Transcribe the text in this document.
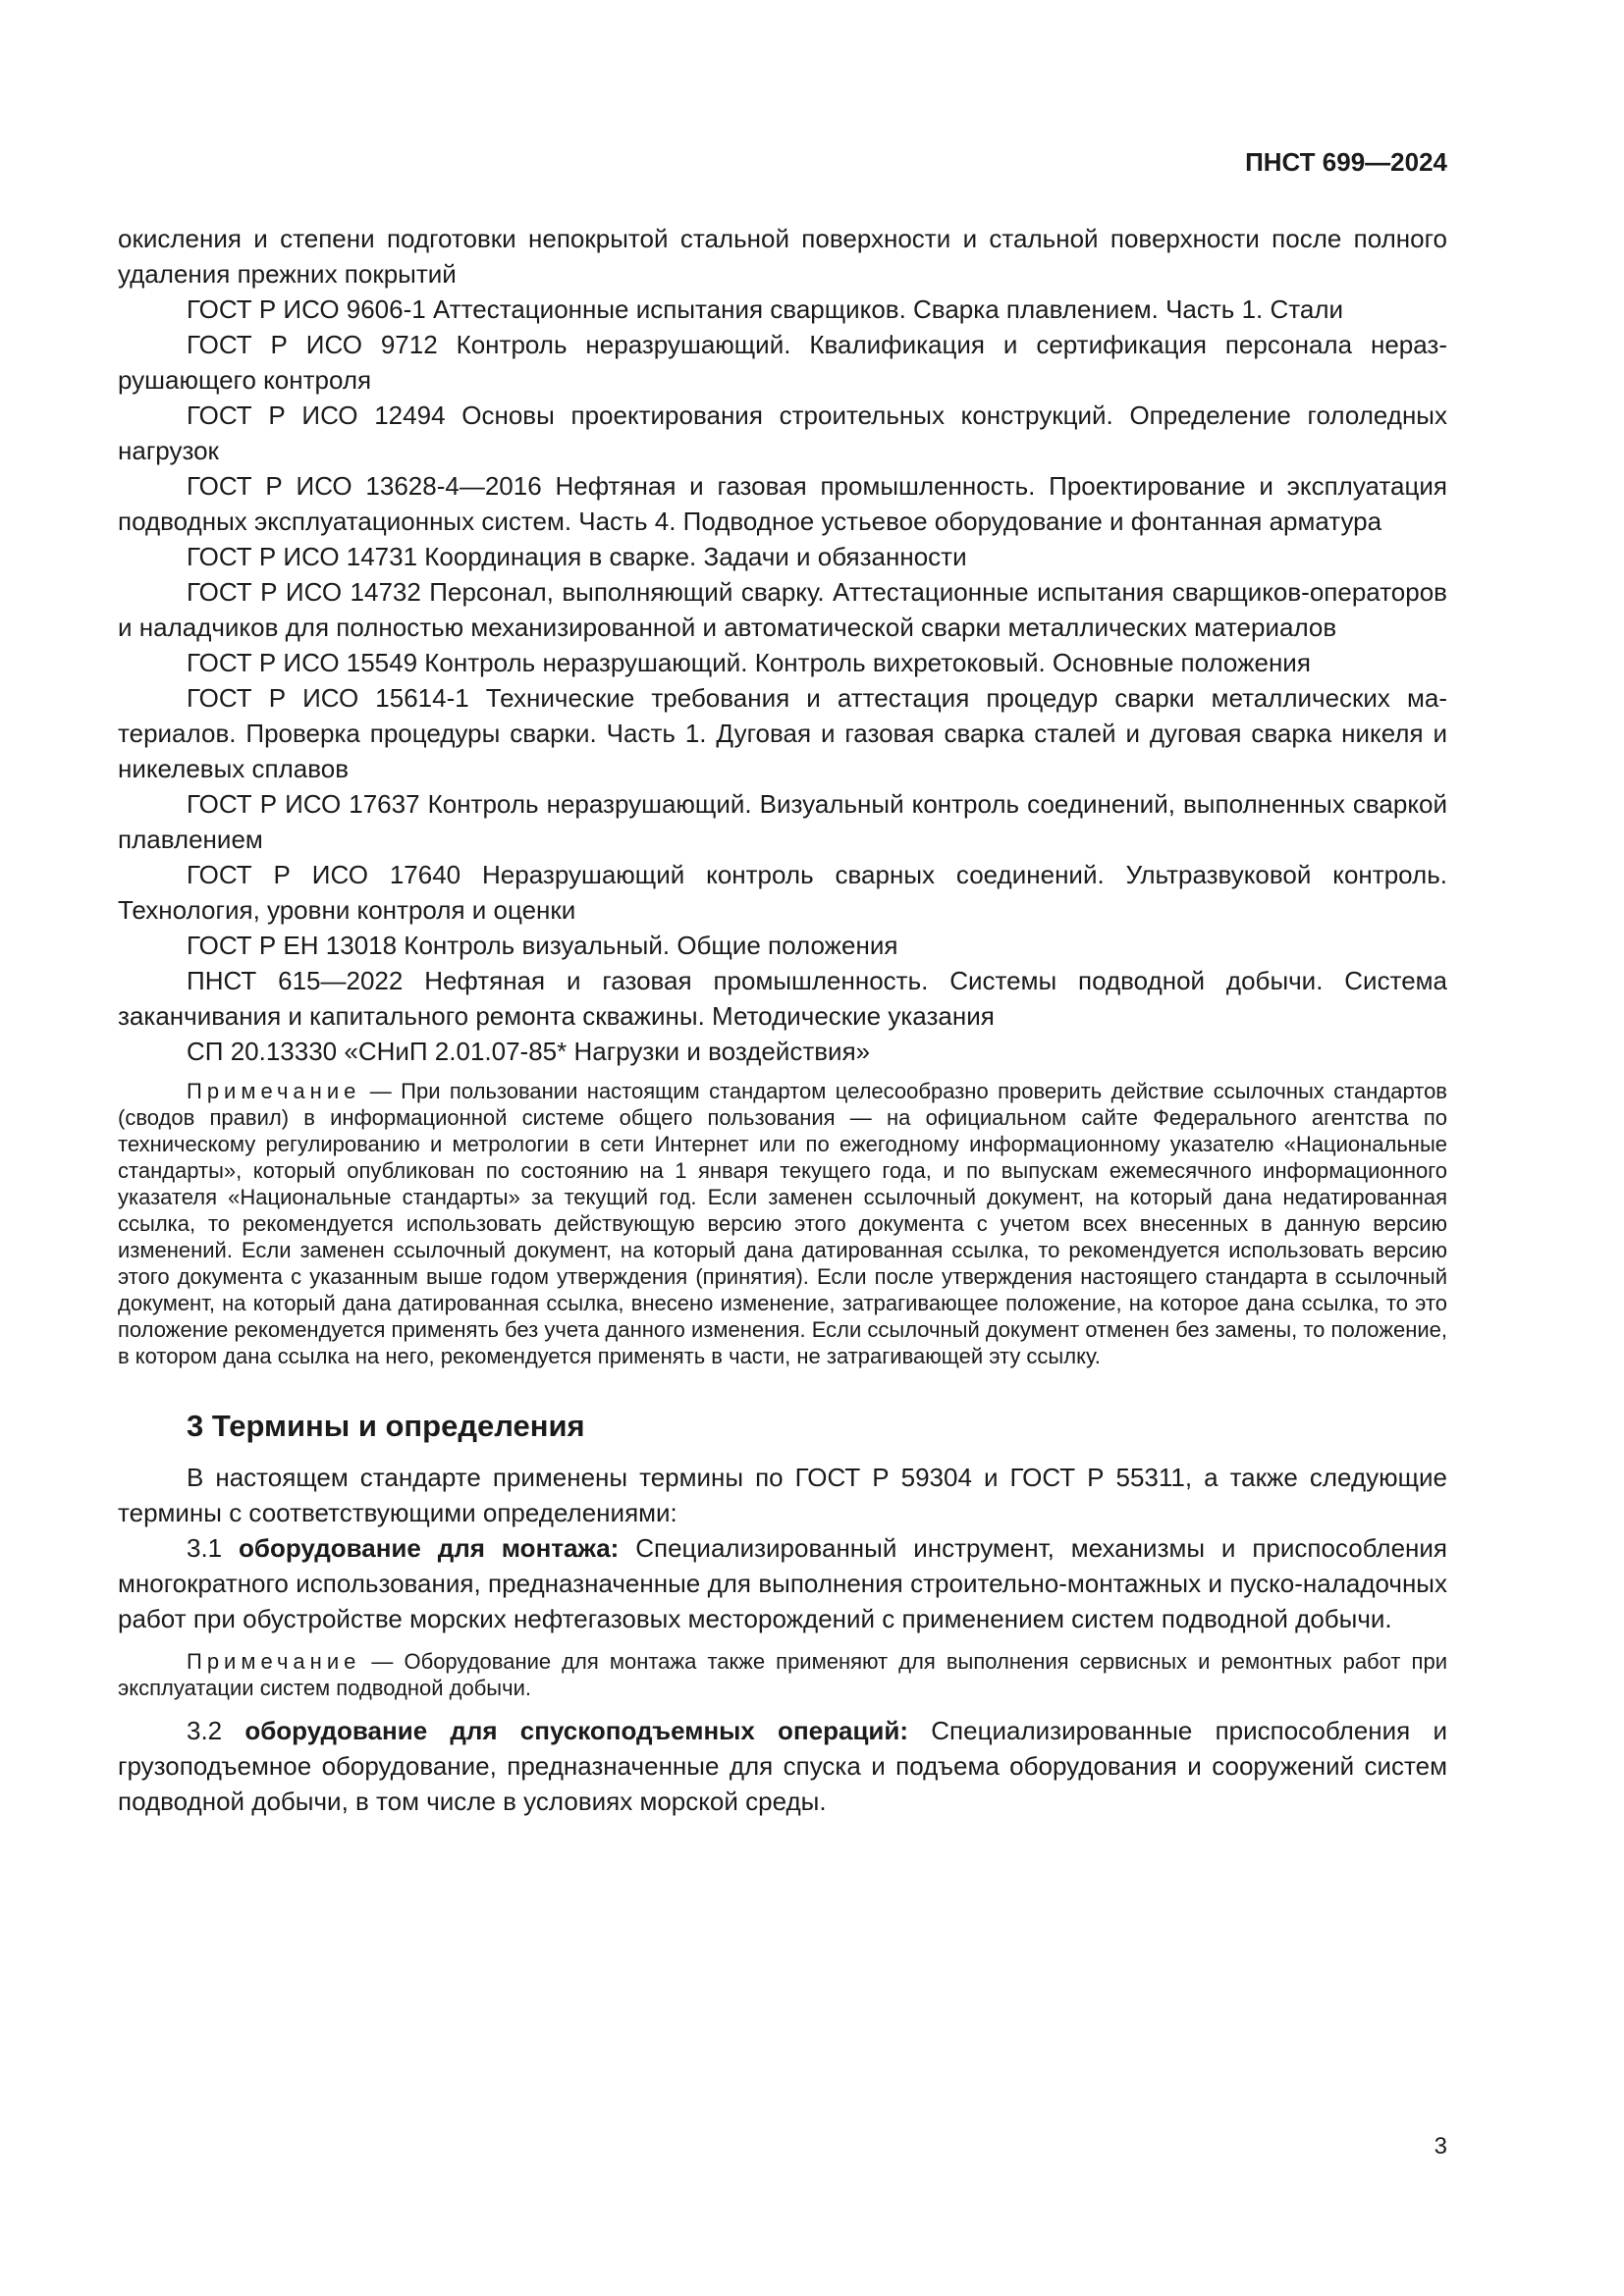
ПНСТ 699—2024

окисления и степени подготовки непокрытой стальной поверхности и стальной поверхности после полного удаления прежних покрытий

ГОСТ Р ИСО 9606-1 Аттестационные испытания сварщиков. Сварка плавлением. Часть 1. Стали

ГОСТ Р ИСО 9712 Контроль неразрушающий. Квалификация и сертификация персонала неразрушающего контроля

ГОСТ Р ИСО 12494 Основы проектирования строительных конструкций. Определение гололедных нагрузок

ГОСТ Р ИСО 13628-4—2016 Нефтяная и газовая промышленность. Проектирование и эксплуатация подводных эксплуатационных систем. Часть 4. Подводное устьевое оборудование и фонтанная арматура

ГОСТ Р ИСО 14731 Координация в сварке. Задачи и обязанности

ГОСТ Р ИСО 14732 Персонал, выполняющий сварку. Аттестационные испытания сварщиков-операторов и наладчиков для полностью механизированной и автоматической сварки металлических материалов

ГОСТ Р ИСО 15549 Контроль неразрушающий. Контроль вихретоковый. Основные положения

ГОСТ Р ИСО 15614-1 Технические требования и аттестация процедур сварки металлических материалов. Проверка процедуры сварки. Часть 1. Дуговая и газовая сварка сталей и дуговая сварка никеля и никелевых сплавов

ГОСТ Р ИСО 17637 Контроль неразрушающий. Визуальный контроль соединений, выполненных сваркой плавлением

ГОСТ Р ИСО 17640 Неразрушающий контроль сварных соединений. Ультразвуковой контроль. Технология, уровни контроля и оценки

ГОСТ Р ЕН 13018 Контроль визуальный. Общие положения

ПНСТ 615—2022 Нефтяная и газовая промышленность. Системы подводной добычи. Система заканчивания и капитального ремонта скважины. Методические указания

СП 20.13330 «СНиП 2.01.07-85* Нагрузки и воздействия»

Примечание — При пользовании настоящим стандартом целесообразно проверить действие ссылочных стандартов (сводов правил) в информационной системе общего пользования — на официальном сайте Федерального агентства по техническому регулированию и метрологии в сети Интернет или по ежегодному информационному указателю «Национальные стандарты», который опубликован по состоянию на 1 января текущего года, и по выпускам ежемесячного информационного указателя «Национальные стандарты» за текущий год. Если заменен ссылочный документ, на который дана недатированная ссылка, то рекомендуется использовать действующую версию этого документа с учетом всех внесенных в данную версию изменений. Если заменен ссылочный документ, на который дана датированная ссылка, то рекомендуется использовать версию этого документа с указанным выше годом утверждения (принятия). Если после утверждения настоящего стандарта в ссылочный документ, на который дана датированная ссылка, внесено изменение, затрагивающее положение, на которое дана ссылка, то это положение рекомендуется применять без учета данного изменения. Если ссылочный документ отменен без замены, то положение, в котором дана ссылка на него, рекомендуется применять в части, не затрагивающей эту ссылку.

3 Термины и определения

В настоящем стандарте применены термины по ГОСТ Р 59304 и ГОСТ Р 55311, а также следующие термины с соответствующими определениями:

3.1 оборудование для монтажа: Специализированный инструмент, механизмы и приспособления многократного использования, предназначенные для выполнения строительно-монтажных и пуско-наладочных работ при обустройстве морских нефтегазовых месторождений с применением систем подводной добычи.

Примечание — Оборудование для монтажа также применяют для выполнения сервисных и ремонтных работ при эксплуатации систем подводной добычи.

3.2 оборудование для спускоподъемных операций: Специализированные приспособления и грузоподъемное оборудование, предназначенные для спуска и подъема оборудования и сооружений систем подводной добычи, в том числе в условиях морской среды.

3
